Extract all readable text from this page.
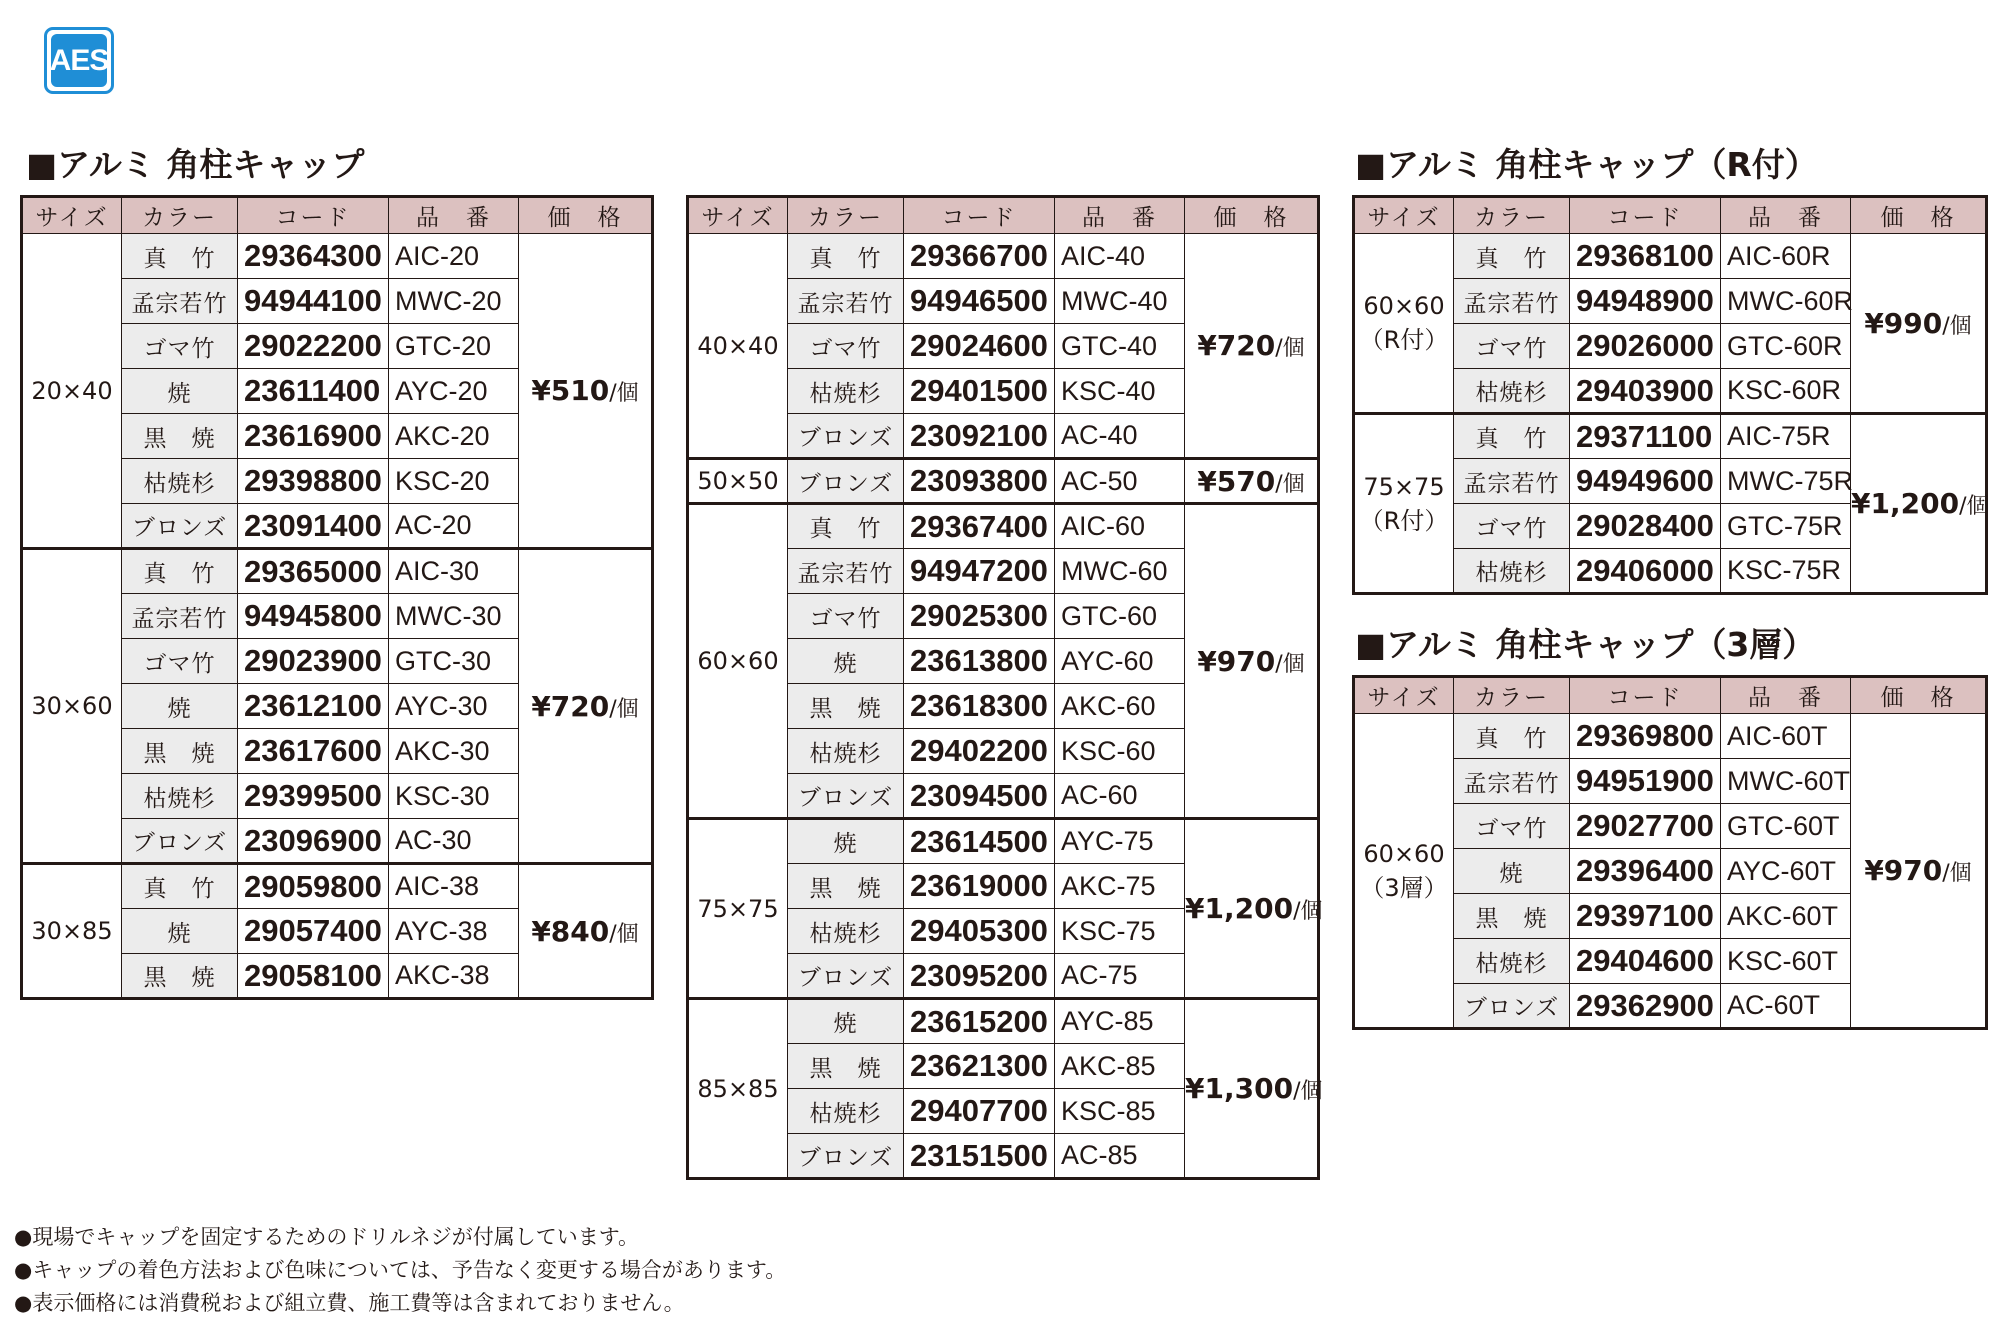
AES
■アルミ 角柱キャップ	■アルミ 角柱キャップ（R付）
■アルミ 角柱キャップ（3層）
サイズ	カラー	コード	品　番	価　格

20×40	真　竹	29364300	AIC-20	¥510/個
	孟宗若竹	94944100	MWC-20	
	ゴマ竹	29022200	GTC-20	
	焼	23611400	AYC-20	
	黒　焼	23616900	AKC-20	
	枯焼杉	29398800	KSC-20	
	ブロンズ	23091400	AC-20	

30×60	真　竹	29365000	AIC-30	¥720/個
	孟宗若竹	94945800	MWC-30	
	ゴマ竹	29023900	GTC-30	
	焼	23612100	AYC-30	
	黒　焼	23617600	AKC-30	
	枯焼杉	29399500	KSC-30	
	ブロンズ	23096900	AC-30	

30×85	真　竹	29059800	AIC-38	¥840/個
	焼	29057400	AYC-38	
	黒　焼	29058100	AKC-38	
サイズ	カラー	コード	品　番	価　格

40×40	真　竹	29366700	AIC-40	¥720/個
	孟宗若竹	94946500	MWC-40	
	ゴマ竹	29024600	GTC-40	
	枯焼杉	29401500	KSC-40	
	ブロンズ	23092100	AC-40	

50×50	ブロンズ	23093800	AC-50	¥570/個

60×60	真　竹	29367400	AIC-60	¥970/個
	孟宗若竹	94947200	MWC-60	
	ゴマ竹	29025300	GTC-60	
	焼	23613800	AYC-60	
	黒　焼	23618300	AKC-60	
	枯焼杉	29402200	KSC-60	
	ブロンズ	23094500	AC-60	

75×75	焼	23614500	AYC-75	¥1,200/個
	黒　焼	23619000	AKC-75	
	枯焼杉	29405300	KSC-75	
	ブロンズ	23095200	AC-75	

85×85	焼	23615200	AYC-85	¥1,300/個
	黒　焼	23621300	AKC-85	
	枯焼杉	29407700	KSC-85	
	ブロンズ	23151500	AC-85	
サイズ	カラー	コード	品　番	価　格

60×60
（R付）	真　竹	29368100	AIC-60R	¥990/個
	孟宗若竹	94948900	MWC-60R	
	ゴマ竹	29026000	GTC-60R	
	枯焼杉	29403900	KSC-60R	

75×75
（R付）	真　竹	29371100	AIC-75R	¥1,200/個
	孟宗若竹	94949600	MWC-75R	
	ゴマ竹	29028400	GTC-75R	
	枯焼杉	29406000	KSC-75R	
サイズ	カラー	コード	品　番	価　格

60×60
（3層）	真　竹	29369800	AIC-60T	¥970/個
	孟宗若竹	94951900	MWC-60T	
	ゴマ竹	29027700	GTC-60T	
	焼	29396400	AYC-60T	
	黒　焼	29397100	AKC-60T	
	枯焼杉	29404600	KSC-60T	
	ブロンズ	29362900	AC-60T	
●現場でキャップを固定するためのドリルネジが付属しています。
●キャップの着色方法および色味については、予告なく変更する場合があります。
●表示価格には消費税および組立費、施工費等は含まれておりません。
